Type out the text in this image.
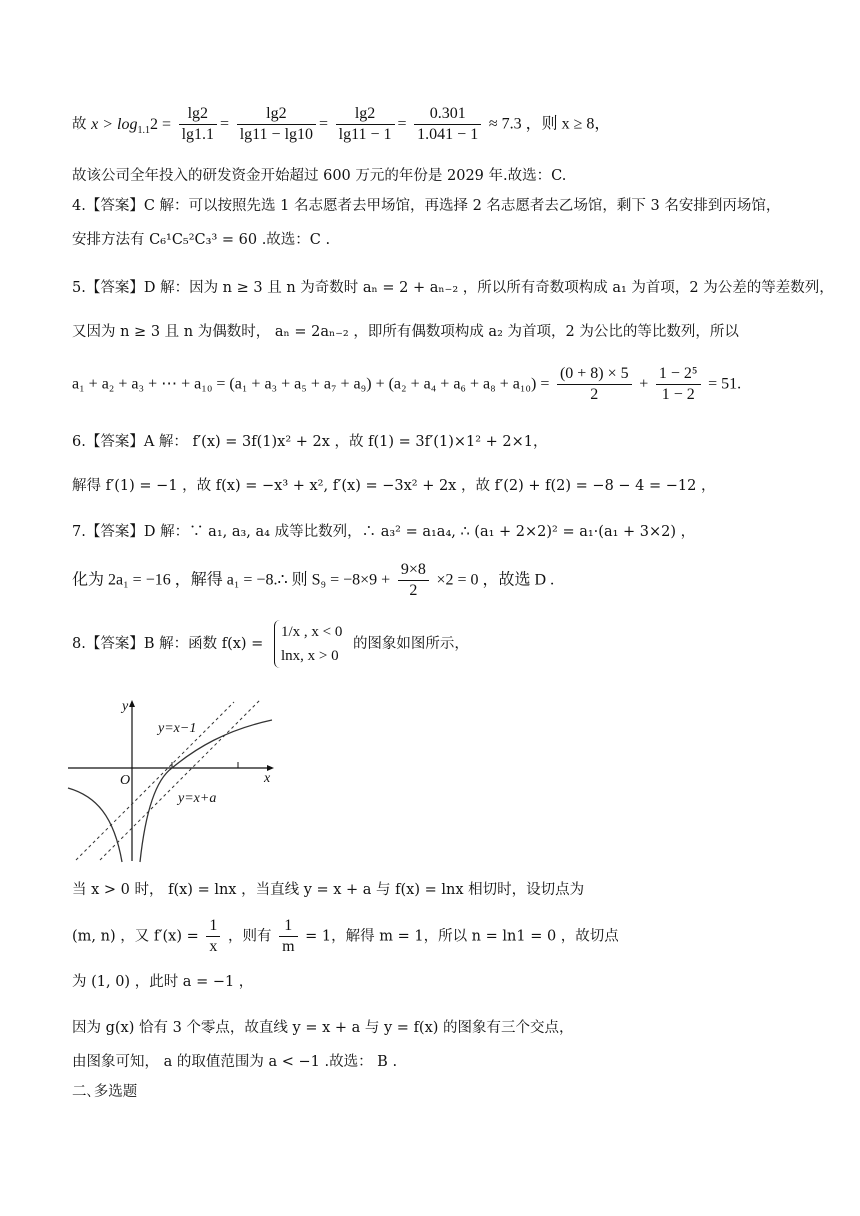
故 $x > \log_{1.1}2 = \frac{\lg 2}{\lg 1.1} = \frac{\lg 2}{\lg 11 - \lg 10} = \frac{\lg 2}{\lg 11 - 1} = \frac{0.301}{1.041 - 1} \approx 7.3$ ，则 x ≥ 8，
故该公司全年投入的研发资金开始超过 600 万元的年份是 2029 年.故选：C.
4.【答案】C 解：可以按照先选 1 名志愿者去甲场馆，再选择 2 名志愿者去乙场馆，剩下 3 名安排到丙场馆，
安排方法有 C₆¹C₅²C₃³ = 60 .故选：C .
5.【答案】D 解：因为 n ≥ 3 且 n 为奇数时 aₙ = 2 + aₙ₋₂ ，所以所有奇数项构成 a₁ 为首项，2 为公差的等差数列，
又因为 n ≥ 3 且 n 为偶数时， aₙ = 2aₙ₋₂ ，即所有偶数项构成 a₂ 为首项，2 为公比的等比数列，所以
a₁ + a₂ + a₃ + ⋯ + $a_{10} = (a_1 + a_3 + a_5 + a_7 + a_9) + (a_2 + a_4 + a_6 + a_8 + a_{10}) = \frac{(0 + 8) \times 5}{2} + \frac{\text{1 − 2⁵}}{1 - 2} = 51$.
6.【答案】A 解： f′(x) = 3f(1)x² + 2x ，故 f(1) = 3f′(1)×1² + 2×1，
解得 f′(1) = −1 ，故 f(x) = −x³ + x², f′(x) = −3x² + 2x ，故 f′(2) + f(2) = −8 − 4 = −12 ，
7.【答案】D 解：∵ a₁, a₃, a₄ 成等比数列，∴ a₃² = a₁a₄, ∴ (a₁ + 2×2)² = a₁·(a₁ + 3×2) ，
化为 2a₁ = −16 ，解得 a₁ = −8.∴ 则 $S_9 = -8\times 9 + \frac{9\times 8}{2} \times 2 = 0$ ，故选 D .
8.【答案】B 解：函数 f(x) =
1/x , x < 0
lnx, x > 0
的图象如图所示，
y
x
O
y=x−1
y=x+a
当 x > 0 时， f(x) = lnx ，当直线 y = x + a 与 f(x) = lnx 相切时，设切点为
(m, n) ，又 $f'(x) = \frac{1}{x}$ ，则有 $\frac{1}{m} = 1$，解得 m = 1，所以 n = ln1 = 0 ，故切点
为 (1, 0) ，此时 a = −1 ，
因为 g(x) 恰有 3 个零点，故直线 y = x + a 与 y = f(x) 的图象有三个交点，
由图象可知， a 的取值范围为 a < −1 .故选： B .
二､多选题
